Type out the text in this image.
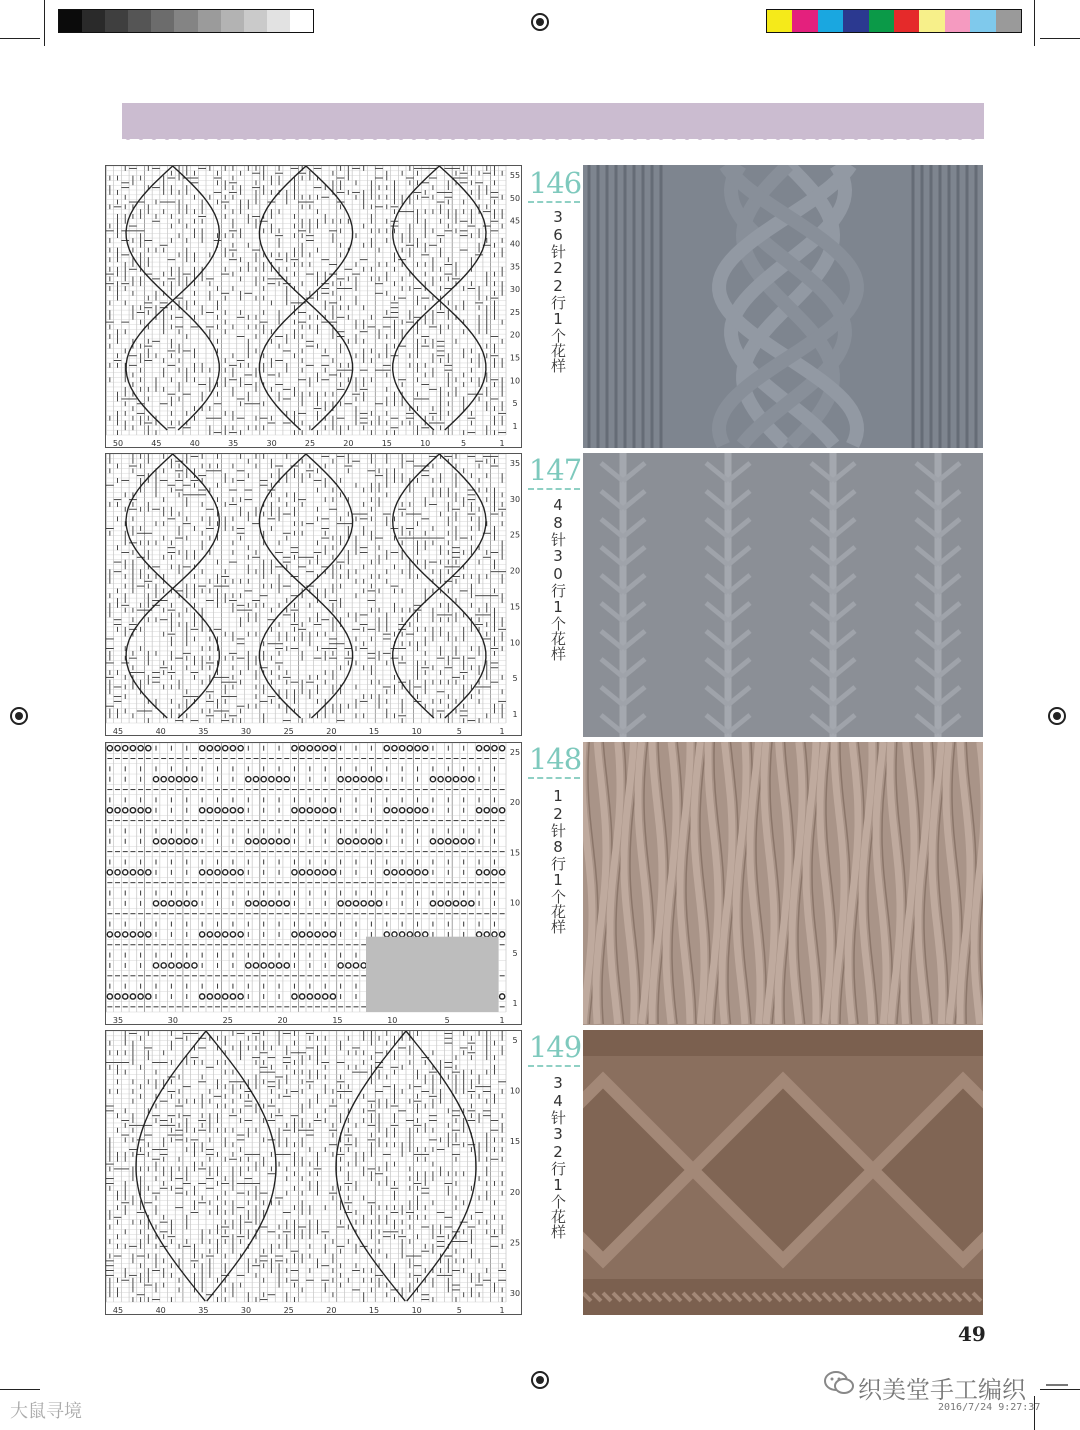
55
50
45
40
35
30
25
20
15
10
5
1
50	45	40	35	30	25	20	15	10	5	1
146
36针22行1个花样
35
30
25
20
15
10
5
1
45	40	35	30	25	20	15	10	5	1
147
48针30行1个花样
25
20
15
10
5
1
35	30	25	20	15	10	5	1
148
12针8行1个花样
5
10
15
20
25
30
45	40	35	30	25	20	15	10	5	1
149
34针32行1个花样
49
织美堂手工编织
大鼠寻境	2016/7/24 9:27:37
